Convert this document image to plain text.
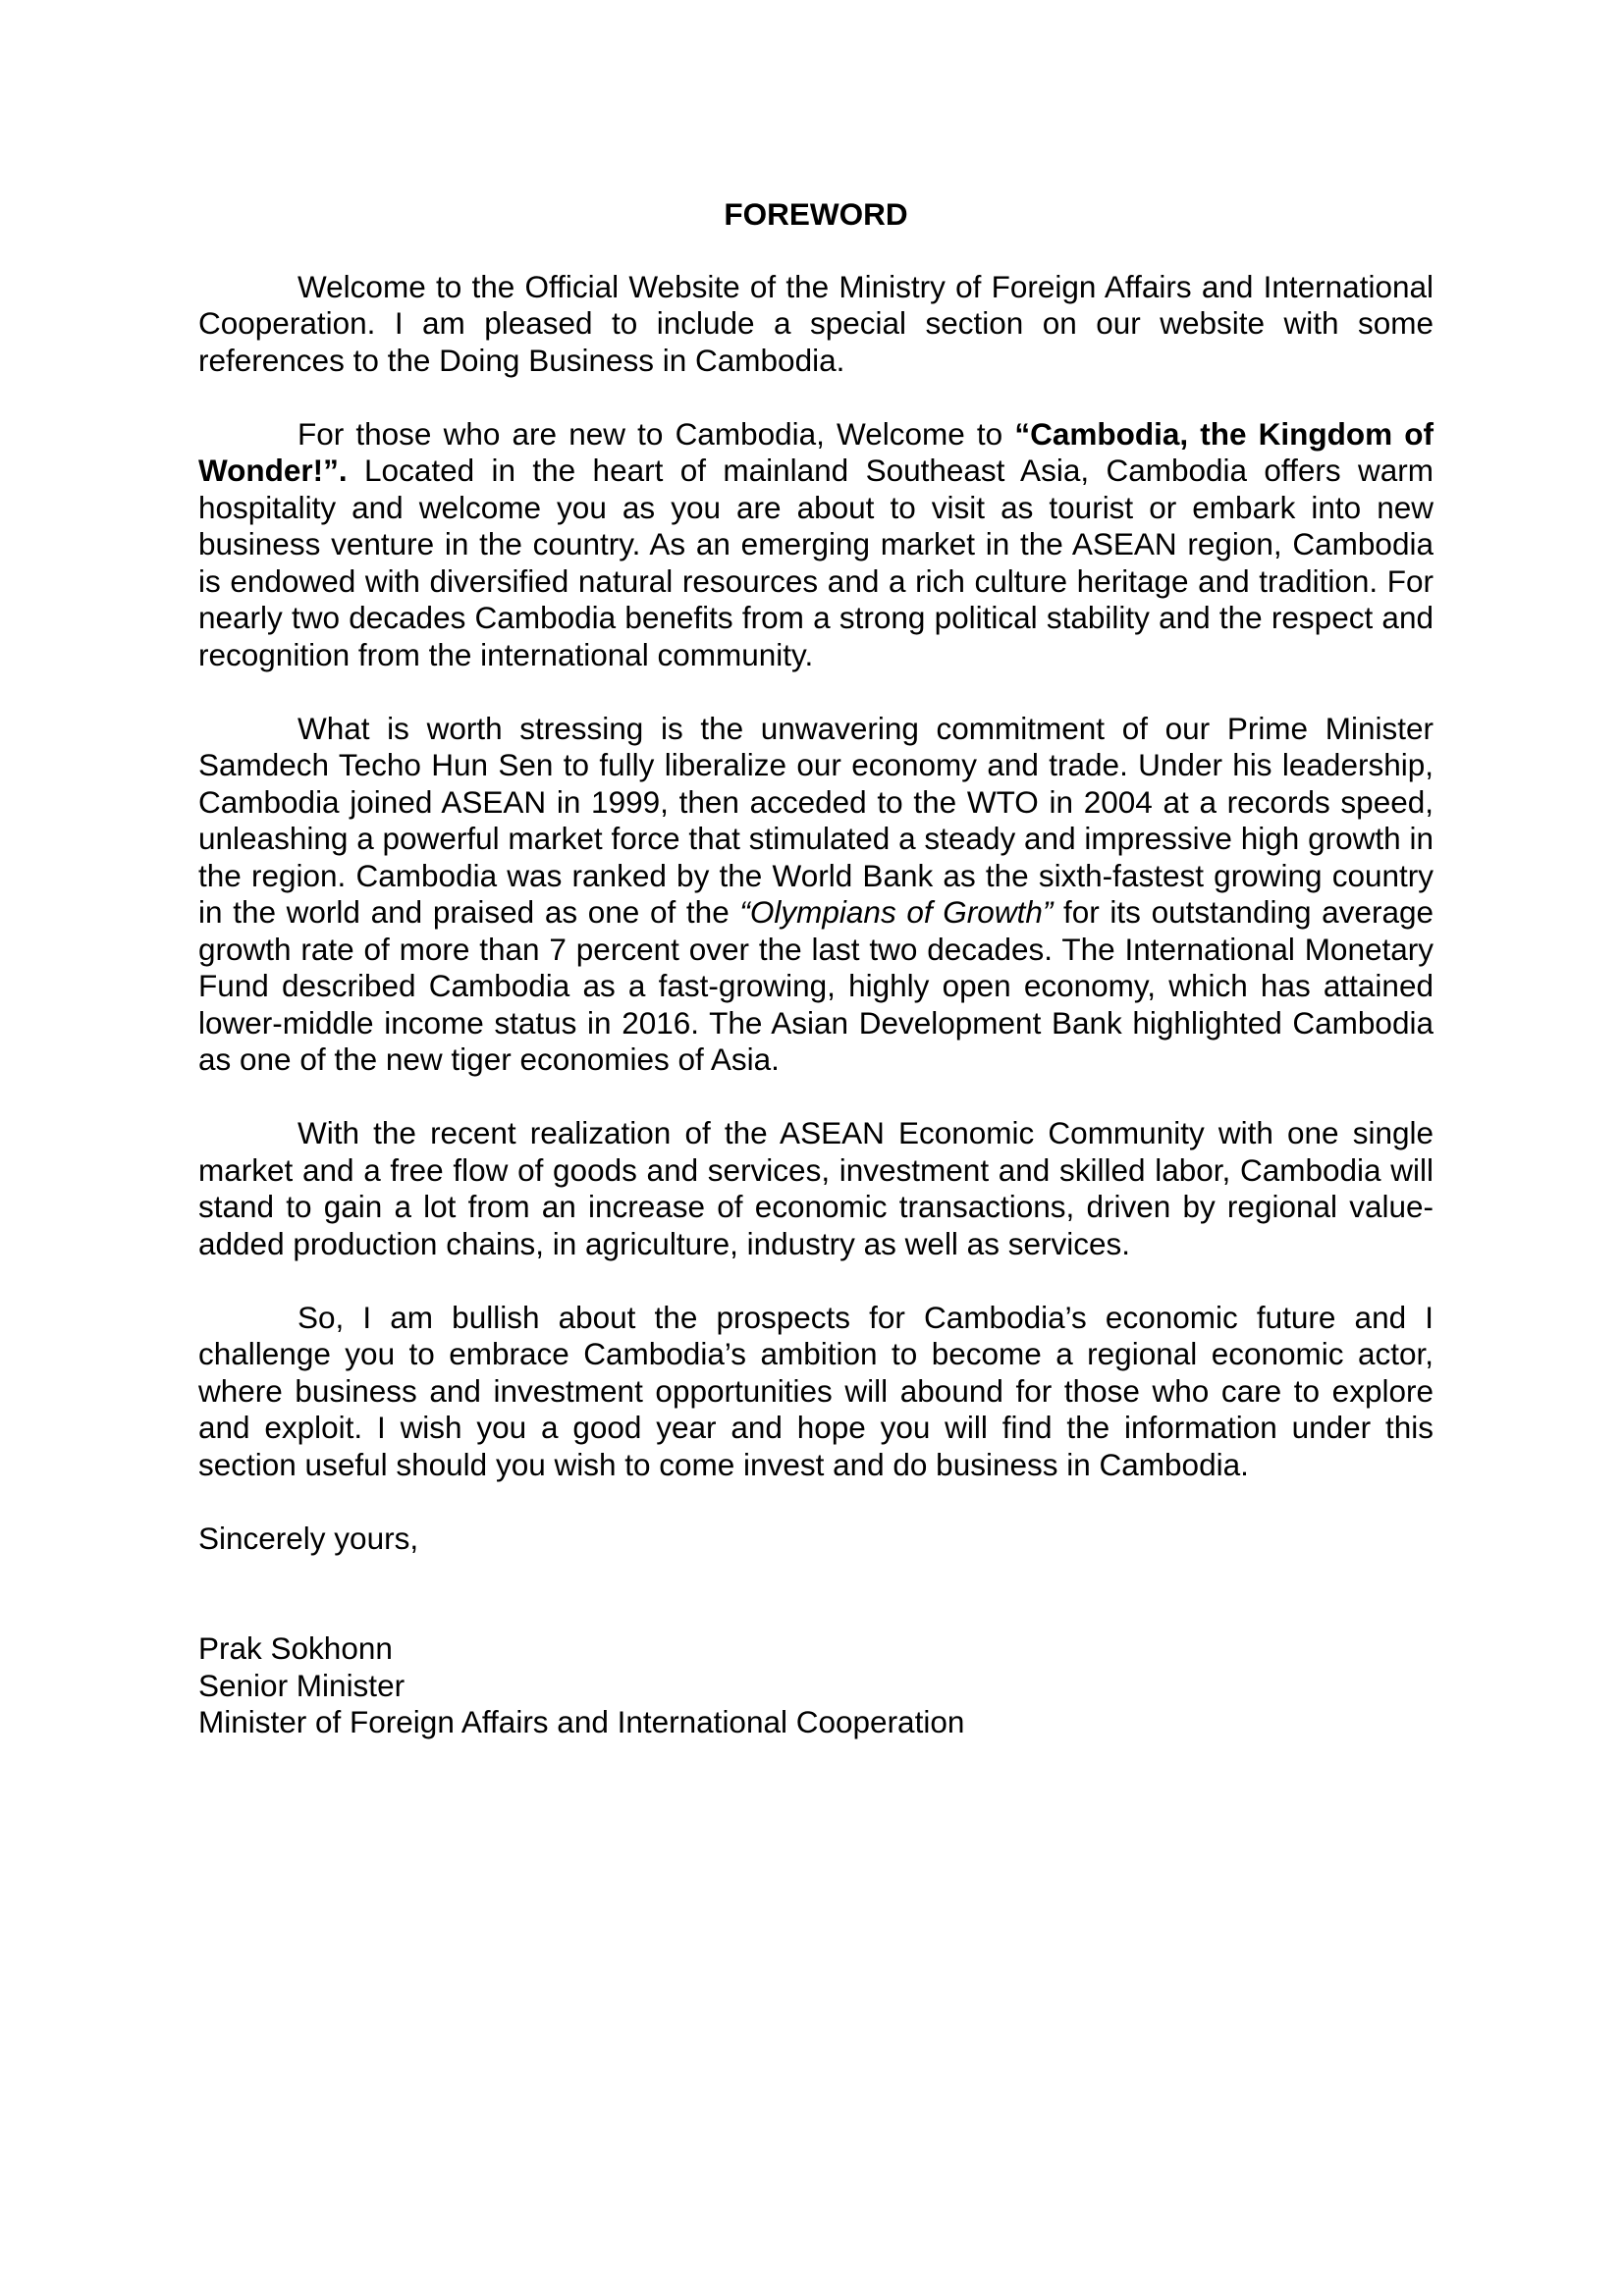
FOREWORD

Welcome to the Official Website of the Ministry of Foreign Affairs and International Cooperation. I am pleased to include a special section on our website with some references to the Doing Business in Cambodia.

For those who are new to Cambodia, Welcome to “Cambodia, the Kingdom of Wonder!”. Located in the heart of mainland Southeast Asia, Cambodia offers warm hospitality and welcome you as you are about to visit as tourist or embark into new business venture in the country. As an emerging market in the ASEAN region, Cambodia is endowed with diversified natural resources and a rich culture heritage and tradition. For nearly two decades Cambodia benefits from a strong political stability and the respect and recognition from the international community.

What is worth stressing is the unwavering commitment of our Prime Minister Samdech Techo Hun Sen to fully liberalize our economy and trade. Under his leadership, Cambodia joined ASEAN in 1999, then acceded to the WTO in 2004 at a records speed, unleashing a powerful market force that stimulated a steady and impressive high growth in the region. Cambodia was ranked by the World Bank as the sixth-fastest growing country in the world and praised as one of the “Olympians of Growth” for its outstanding average growth rate of more than 7 percent over the last two decades. The International Monetary Fund described Cambodia as a fast-growing, highly open economy, which has attained lower-middle income status in 2016. The Asian Development Bank highlighted Cambodia as one of the new tiger economies of Asia.

With the recent realization of the ASEAN Economic Community with one single market and a free flow of goods and services, investment and skilled labor, Cambodia will stand to gain a lot from an increase of economic transactions, driven by regional value-added production chains, in agriculture, industry as well as services.

So, I am bullish about the prospects for Cambodia’s economic future and I challenge you to embrace Cambodia’s ambition to become a regional economic actor, where business and investment opportunities will abound for those who care to explore and exploit. I wish you a good year and hope you will find the information under this section useful should you wish to come invest and do business in Cambodia.

Sincerely yours,

Prak Sokhonn

Senior Minister

Minister of Foreign Affairs and International Cooperation
